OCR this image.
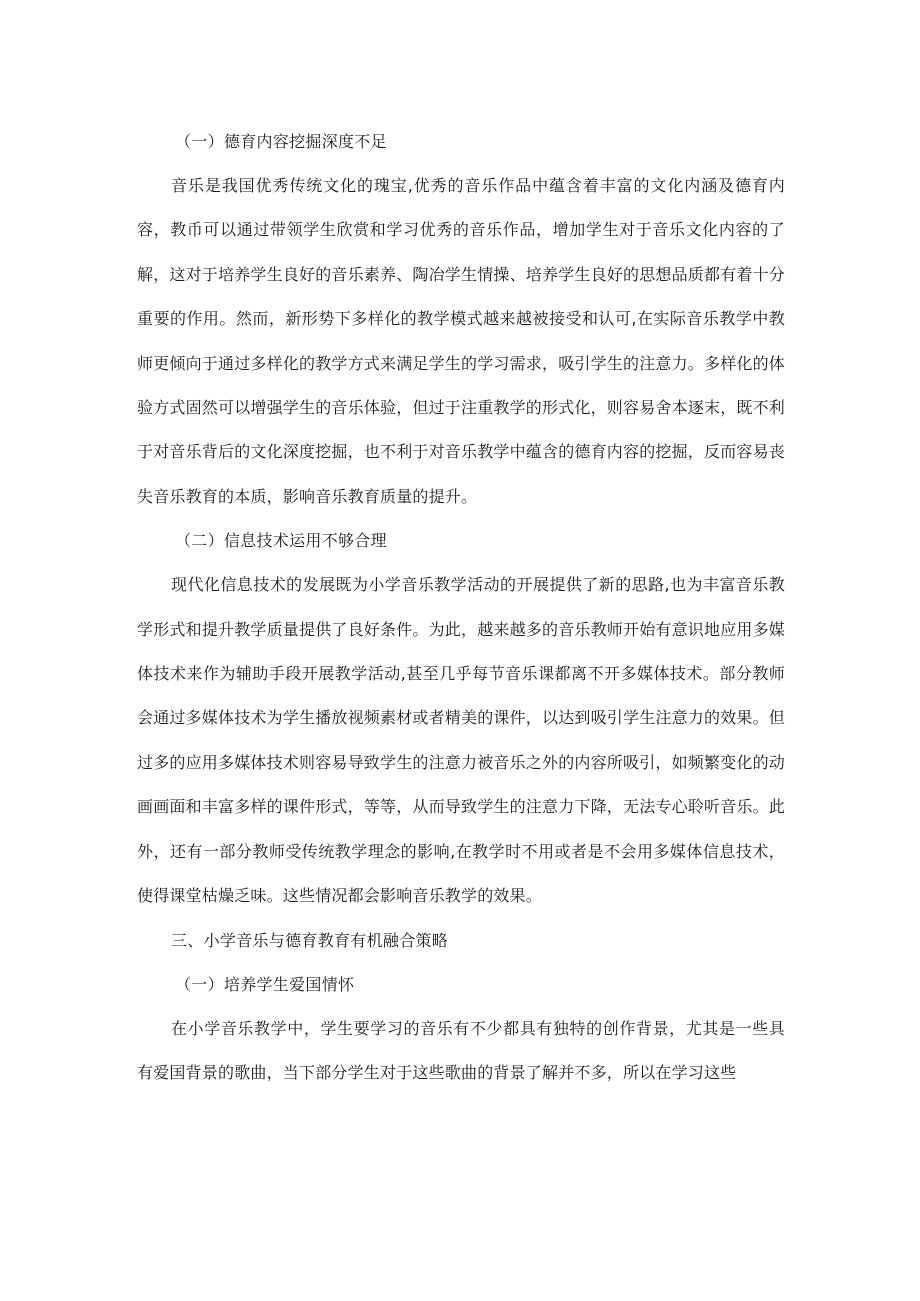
（一）德育内容挖掘深度不足

音乐是我国优秀传统文化的瑰宝,优秀的音乐作品中蕴含着丰富的文化内涵及德育内容，教币可以通过带领学生欣赏和学习优秀的音乐作品，增加学生对于音乐文化内容的了解，这对于培养学生良好的音乐素养、陶冶学生情操、培养学生良好的思想品质都有着十分重要的作用。然而，新形势下多样化的教学模式越来越被接受和认可,在实际音乐教学中教师更倾向于通过多样化的教学方式来满足学生的学习需求，吸引学生的注意力。多样化的体验方式固然可以增强学生的音乐体验，但过于注重教学的形式化，则容易舍本逐末，既不利于对音乐背后的文化深度挖掘，也不利于对音乐教学中蕴含的德育内容的挖掘，反而容易丧失音乐教育的本质，影响音乐教育质量的提升。

（二）信息技术运用不够合理

现代化信息技术的发展既为小学音乐教学活动的开展提供了新的思路,也为丰富音乐教学形式和提升教学质量提供了良好条件。为此，越来越多的音乐教师开始有意识地应用多媒体技术来作为辅助手段开展教学活动,甚至几乎每节音乐课都离不开多媒体技术。部分教师会通过多媒体技术为学生播放视频素材或者精美的课件，以达到吸引学生注意力的效果。但过多的应用多媒体技术则容易导致学生的注意力被音乐之外的内容所吸引，如频繁变化的动画画面和丰富多样的课件形式，等等，从而导致学生的注意力下降，无法专心聆听音乐。此外，还有一部分教师受传统教学理念的影响,在教学时不用或者是不会用多媒体信息技术，使得课堂枯燥乏味。这些情况都会影响音乐教学的效果。

三、小学音乐与德育教育有机融合策略

（一）培养学生爱国情怀

在小学音乐教学中，学生要学习的音乐有不少都具有独特的创作背景，尤其是一些具有爱国背景的歌曲，当下部分学生对于这些歌曲的背景了解并不多，所以在学习这些
